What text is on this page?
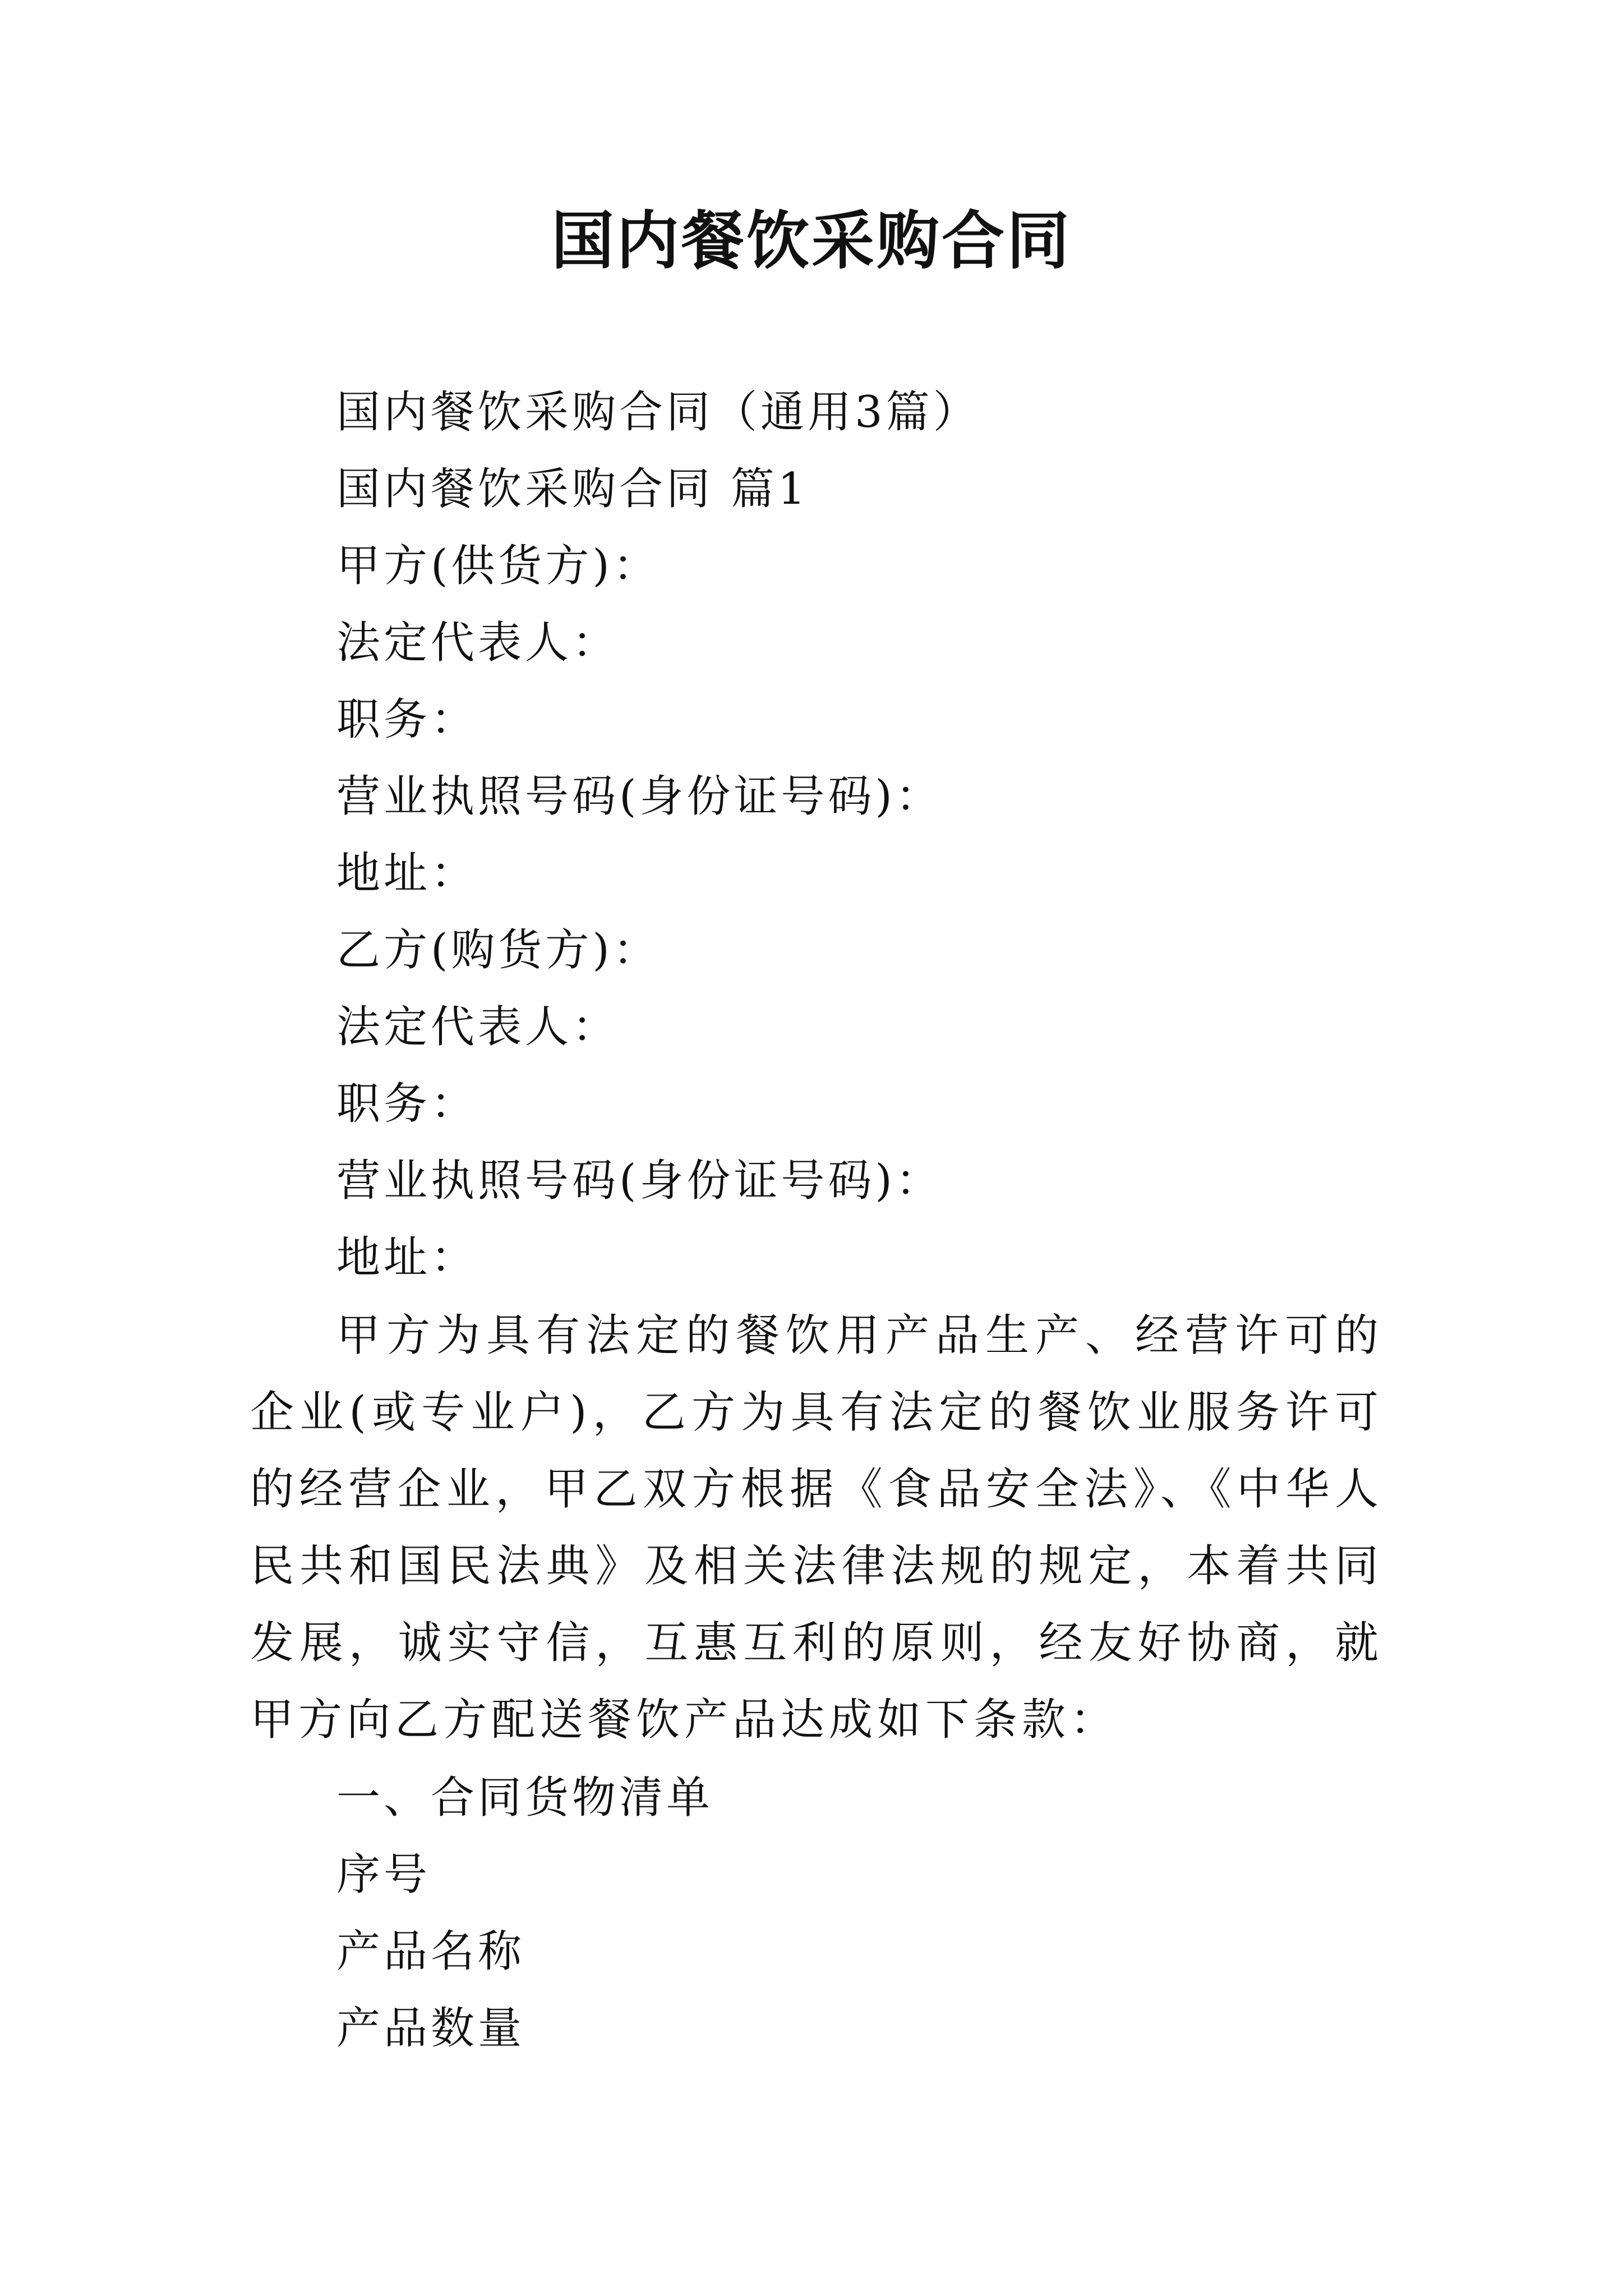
国内餐饮采购合同
国内餐饮采购合同（通用3篇）
国内餐饮采购合同 篇1
甲方(供货方)：
法定代表人：
职务：
营业执照号码(身份证号码)：
地址：
乙方(购货方)：
法定代表人：
职务：
营业执照号码(身份证号码)：
地址：

甲方为具有法定的餐饮用产品生产、经营许可的企业(或专业户)，乙方为具有法定的餐饮业服务许可的经营企业，甲乙双方根据《食品安全法》、《中华人民共和国民法典》及相关法律法规的规定，本着共同发展，诚实守信，互惠互利的原则，经友好协商，就甲方向乙方配送餐饮产品达成如下条款：

一、合同货物清单
序号
产品名称
产品数量
